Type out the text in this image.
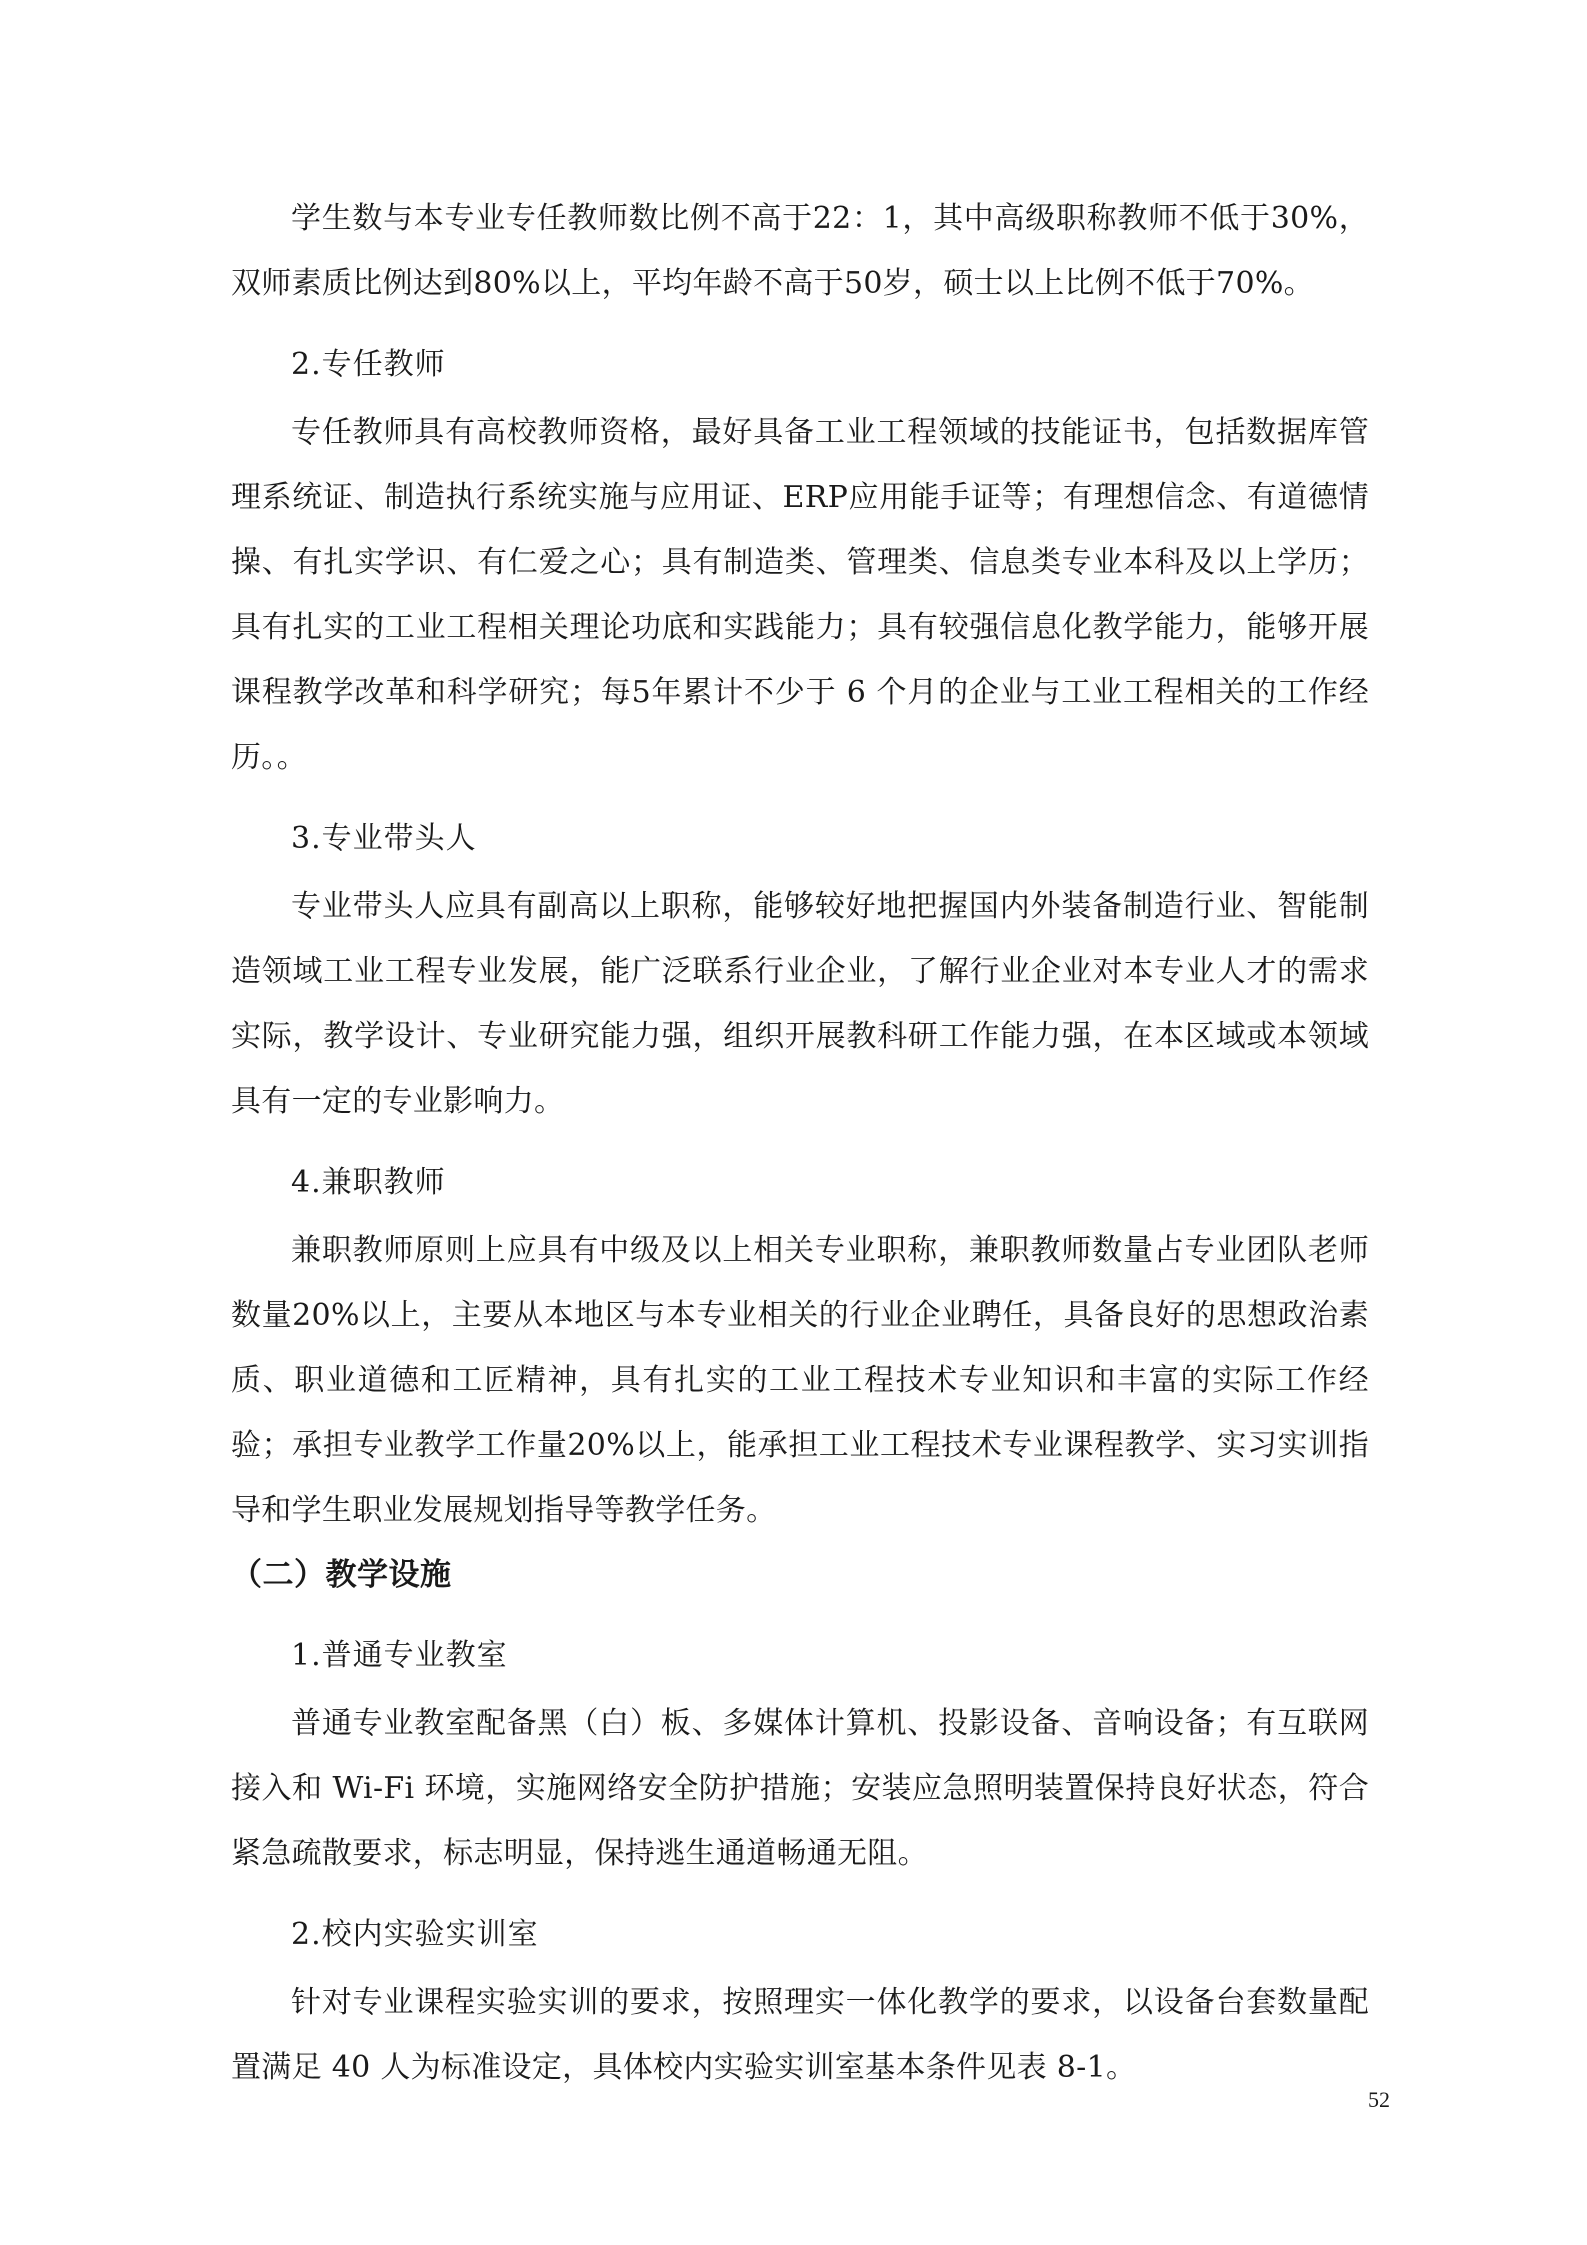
学生数与本专业专任教师数比例不高于22：1，其中高级职称教师不低于30%，双师素质比例达到80%以上，平均年龄不高于50岁，硕士以上比例不低于70%。

2.专任教师

专任教师具有高校教师资格，最好具备工业工程领域的技能证书，包括数据库管理系统证、制造执行系统实施与应用证、ERP应用能手证等；有理想信念、有道德情操、有扎实学识、有仁爱之心；具有制造类、管理类、信息类专业本科及以上学历；具有扎实的工业工程相关理论功底和实践能力；具有较强信息化教学能力，能够开展课程教学改革和科学研究；每5年累计不少于 6 个月的企业与工业工程相关的工作经历。。

3.专业带头人

专业带头人应具有副高以上职称，能够较好地把握国内外装备制造行业、智能制造领域工业工程专业发展，能广泛联系行业企业，了解行业企业对本专业人才的需求实际，教学设计、专业研究能力强，组织开展教科研工作能力强，在本区域或本领域具有一定的专业影响力。

4.兼职教师

兼职教师原则上应具有中级及以上相关专业职称，兼职教师数量占专业团队老师数量20%以上，主要从本地区与本专业相关的行业企业聘任，具备良好的思想政治素质、职业道德和工匠精神，具有扎实的工业工程技术专业知识和丰富的实际工作经验；承担专业教学工作量20%以上，能承担工业工程技术专业课程教学、实习实训指导和学生职业发展规划指导等教学任务。

（二）教学设施

1.普通专业教室

普通专业教室配备黑（白）板、多媒体计算机、投影设备、音响设备；有互联网接入和 Wi-Fi 环境，实施网络安全防护措施；安装应急照明装置保持良好状态，符合紧急疏散要求，标志明显，保持逃生通道畅通无阻。

2.校内实验实训室

针对专业课程实验实训的要求，按照理实一体化教学的要求，以设备台套数量配置满足 40 人为标准设定，具体校内实验实训室基本条件见表 8-1。

52
